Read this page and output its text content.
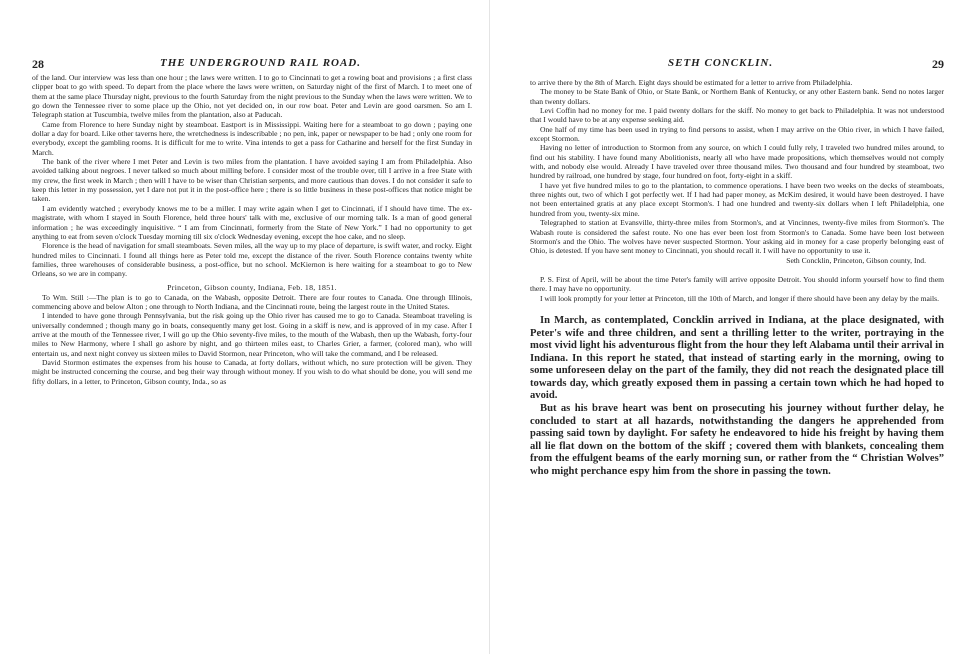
28	THE UNDERGROUND RAIL ROAD.

of the land. Our interview was less than one hour ; the laws were written. I to go to Cincinnati to get a rowing boat and provisions ; a first class clipper boat to go with speed. To depart from the place where the laws were written, on Saturday night of the first of March. I to meet one of them at the same place Thursday night, previous to the fourth Saturday from the night previous to the Sunday when the laws were written. We to go down the Tennessee river to some place up the Ohio, not yet decided on, in our row boat. Peter and Levin are good oarsmen. So am I. Telegraph station at Tuscumbia, twelve miles from the plantation, also at Paducah.

Came from Florence to here Sunday night by steamboat. Eastport is in Mississippi. Waiting here for a steamboat to go down ; paying one dollar a day for board. Like other taverns here, the wretchedness is indescribable ; no pen, ink, paper or newspaper to be had ; only one room for everybody, except the gambling rooms. It is difficult for me to write. Vina intends to get a pass for Catharine and herself for the first Sunday in March.

The bank of the river where I met Peter and Levin is two miles from the plantation. I have avoided saying I am from Philadelphia. Also avoided talking about negroes. I never talked so much about milling before. I consider most of the trouble over, till I arrive in a free State with my crew, the first week in March ; then will I have to be wiser than Christian serpents, and more cautious than doves. I do not consider it safe to keep this letter in my possession, yet I dare not put it in the post-office here ; there is so little business in these post-offices that notice might be taken.

I am evidently watched ; everybody knows me to be a miller. I may write again when I get to Cincinnati, if I should have time. The ex-magistrate, with whom I stayed in South Florence, held three hours' talk with me, exclusive of our morning talk. Is a man of good general information ; he was exceedingly inquisitive. “ I am from Cincinnati, formerly from the State of New York.” I had no opportunity to get anything to eat from seven o'clock Tuesday morning till six o'clock Wednesday evening, except the hoe cake, and no sleep.

Florence is the head of navigation for small steamboats. Seven miles, all the way up to my place of departure, is swift water, and rocky. Eight hundred miles to Cincinnati. I found all things here as Peter told me, except the distance of the river. South Florence contains twenty white families, three warehouses of considerable business, a post-office, but no school. McKiernon is here waiting for a steamboat to go to New Orleans, so we are in company.

Princeton, Gibson county, Indiana, Feb. 18, 1851.

To Wm. Still :—The plan is to go to Canada, on the Wabash, opposite Detroit. There are four routes to Canada. One through Illinois, commencing above and below Alton ; one through to North Indiana, and the Cincinnati route, being the largest route in the United States.

I intended to have gone through Pennsylvania, but the risk going up the Ohio river has caused me to go to Canada. Steamboat traveling is universally condemned ; though many go in boats, consequently many get lost. Going in a skiff is new, and is approved of in my case. After I arrive at the mouth of the Tennessee river, I will go up the Ohio seventy-five miles, to the mouth of the Wabash, then up the Wabash, forty-four miles to New Harmony, where I shall go ashore by night, and go thirteen miles east, to Charles Grier, a farmer, (colored man), who will entertain us, and next night convey us sixteen miles to David Stormon, near Princeton, who will take the command, and I be released.

David Stormon estimates the expenses from his house to Canada, at forty dollars, without which, no sure protection will be given. They might be instructed concerning the course, and beg their way through without money. If you wish to do what should be done, you will send me fifty dollars, in a letter, to Princeton, Gibson county, Inda., so as

SETH CONCKLIN.	29

to arrive there by the 8th of March. Eight days should be estimated for a letter to arrive from Philadelphia.

The money to be State Bank of Ohio, or State Bank, or Northern Bank of Kentucky, or any other Eastern bank. Send no notes larger than twenty dollars.

Levi Coffin had no money for me. I paid twenty dollars for the skiff. No money to get back to Philadelphia. It was not understood that I would have to be at any expense seeking aid.

One half of my time has been used in trying to find persons to assist, when I may arrive on the Ohio river, in which I have failed, except Stormon.

Having no letter of introduction to Stormon from any source, on which I could fully rely, I traveled two hundred miles around, to find out his stability. I have found many Abolitionists, nearly all who have made propositions, which themselves would not comply with, and nobody else would. Already I have traveled over three thousand miles. Two thousand and four hundred by steamboat, two hundred by railroad, one hundred by stage, four hundred on foot, forty-eight in a skiff.

I have yet five hundred miles to go to the plantation, to commence operations. I have been two weeks on the decks of steamboats, three nights out, two of which I got perfectly wet. If I had had paper money, as McKim desired, it would have been destroyed. I have not been entertained gratis at any place except Stormon's. I had one hundred and twenty-six dollars when I left Philadelphia, one hundred from you, twenty-six mine.

Telegraphed to station at Evansville, thirty-three miles from Stormon's, and at Vincinnes, twenty-five miles from Stormon's. The Wabash route is considered the safest route. No one has ever been lost from Stormon's to Canada. Some have been lost between Stormon's and the Ohio. The wolves have never suspected Stormon. Your asking aid in money for a case properly belonging east of Ohio, is detested. If you have sent money to Cincinnati, you should recall it. I will have no opportunity to use it.

Seth Concklin, Princeton, Gibson county, Ind.

P. S. First of April, will be about the time Peter's family will arrive opposite Detroit. You should inform yourself how to find them there. I may have no opportunity.

I will look promptly for your letter at Princeton, till the 10th of March, and longer if there should have been any delay by the mails.

In March, as contemplated, Concklin arrived in Indiana, at the place designated, with Peter's wife and three children, and sent a thrilling letter to the writer, portraying in the most vivid light his adventurous flight from the hour they left Alabama until their arrival in Indiana. In this report he stated, that instead of starting early in the morning, owing to some unforeseen delay on the part of the family, they did not reach the designated place till towards day, which greatly exposed them in passing a certain town which he had hoped to avoid.

But as his brave heart was bent on prosecuting his journey without further delay, he concluded to start at all hazards, notwithstanding the dangers he apprehended from passing said town by daylight. For safety he endeavored to hide his freight by having them all lie flat down on the bottom of the skiff ; covered them with blankets, concealing them from the effulgent beams of the early morning sun, or rather from the “ Christian Wolves” who might perchance espy him from the shore in passing the town.
